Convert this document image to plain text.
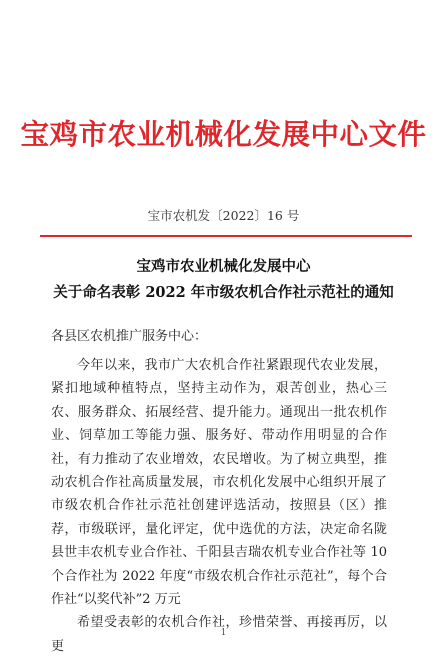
宝鸡市农业机械化发展中心文件
宝市农机发〔2022〕16 号
宝鸡市农业机械化发展中心
关于命名表彰 2022 年市级农机合作社示范社的通知
各县区农机推广服务中心：

今年以来，我市广大农机合作社紧跟现代农业发展，紧扣地域种植特点，坚持主动作为，艰苦创业，热心三农、服务群众、拓展经营、提升能力。通现出一批农机作业、饲草加工等能力强、服务好、带动作用明显的合作社，有力推动了农业增效，农民增收。为了树立典型，推动农机合作社高质量发展，市农机化发展中心组织开展了市级农机合作社示范社创建评选活动，按照县（区）推荐，市级联评，量化评定，优中选优的方法，决定命名陇县世丰农机专业合作社、千阳县吉瑞农机专业合作社等 10 个合作社为 2022 年度“市级农机合作社示范社”，每个合作社“以奖代补”2 万元

希望受表彰的农机合作社，珍惜荣誉、再接再厉，以更

1
